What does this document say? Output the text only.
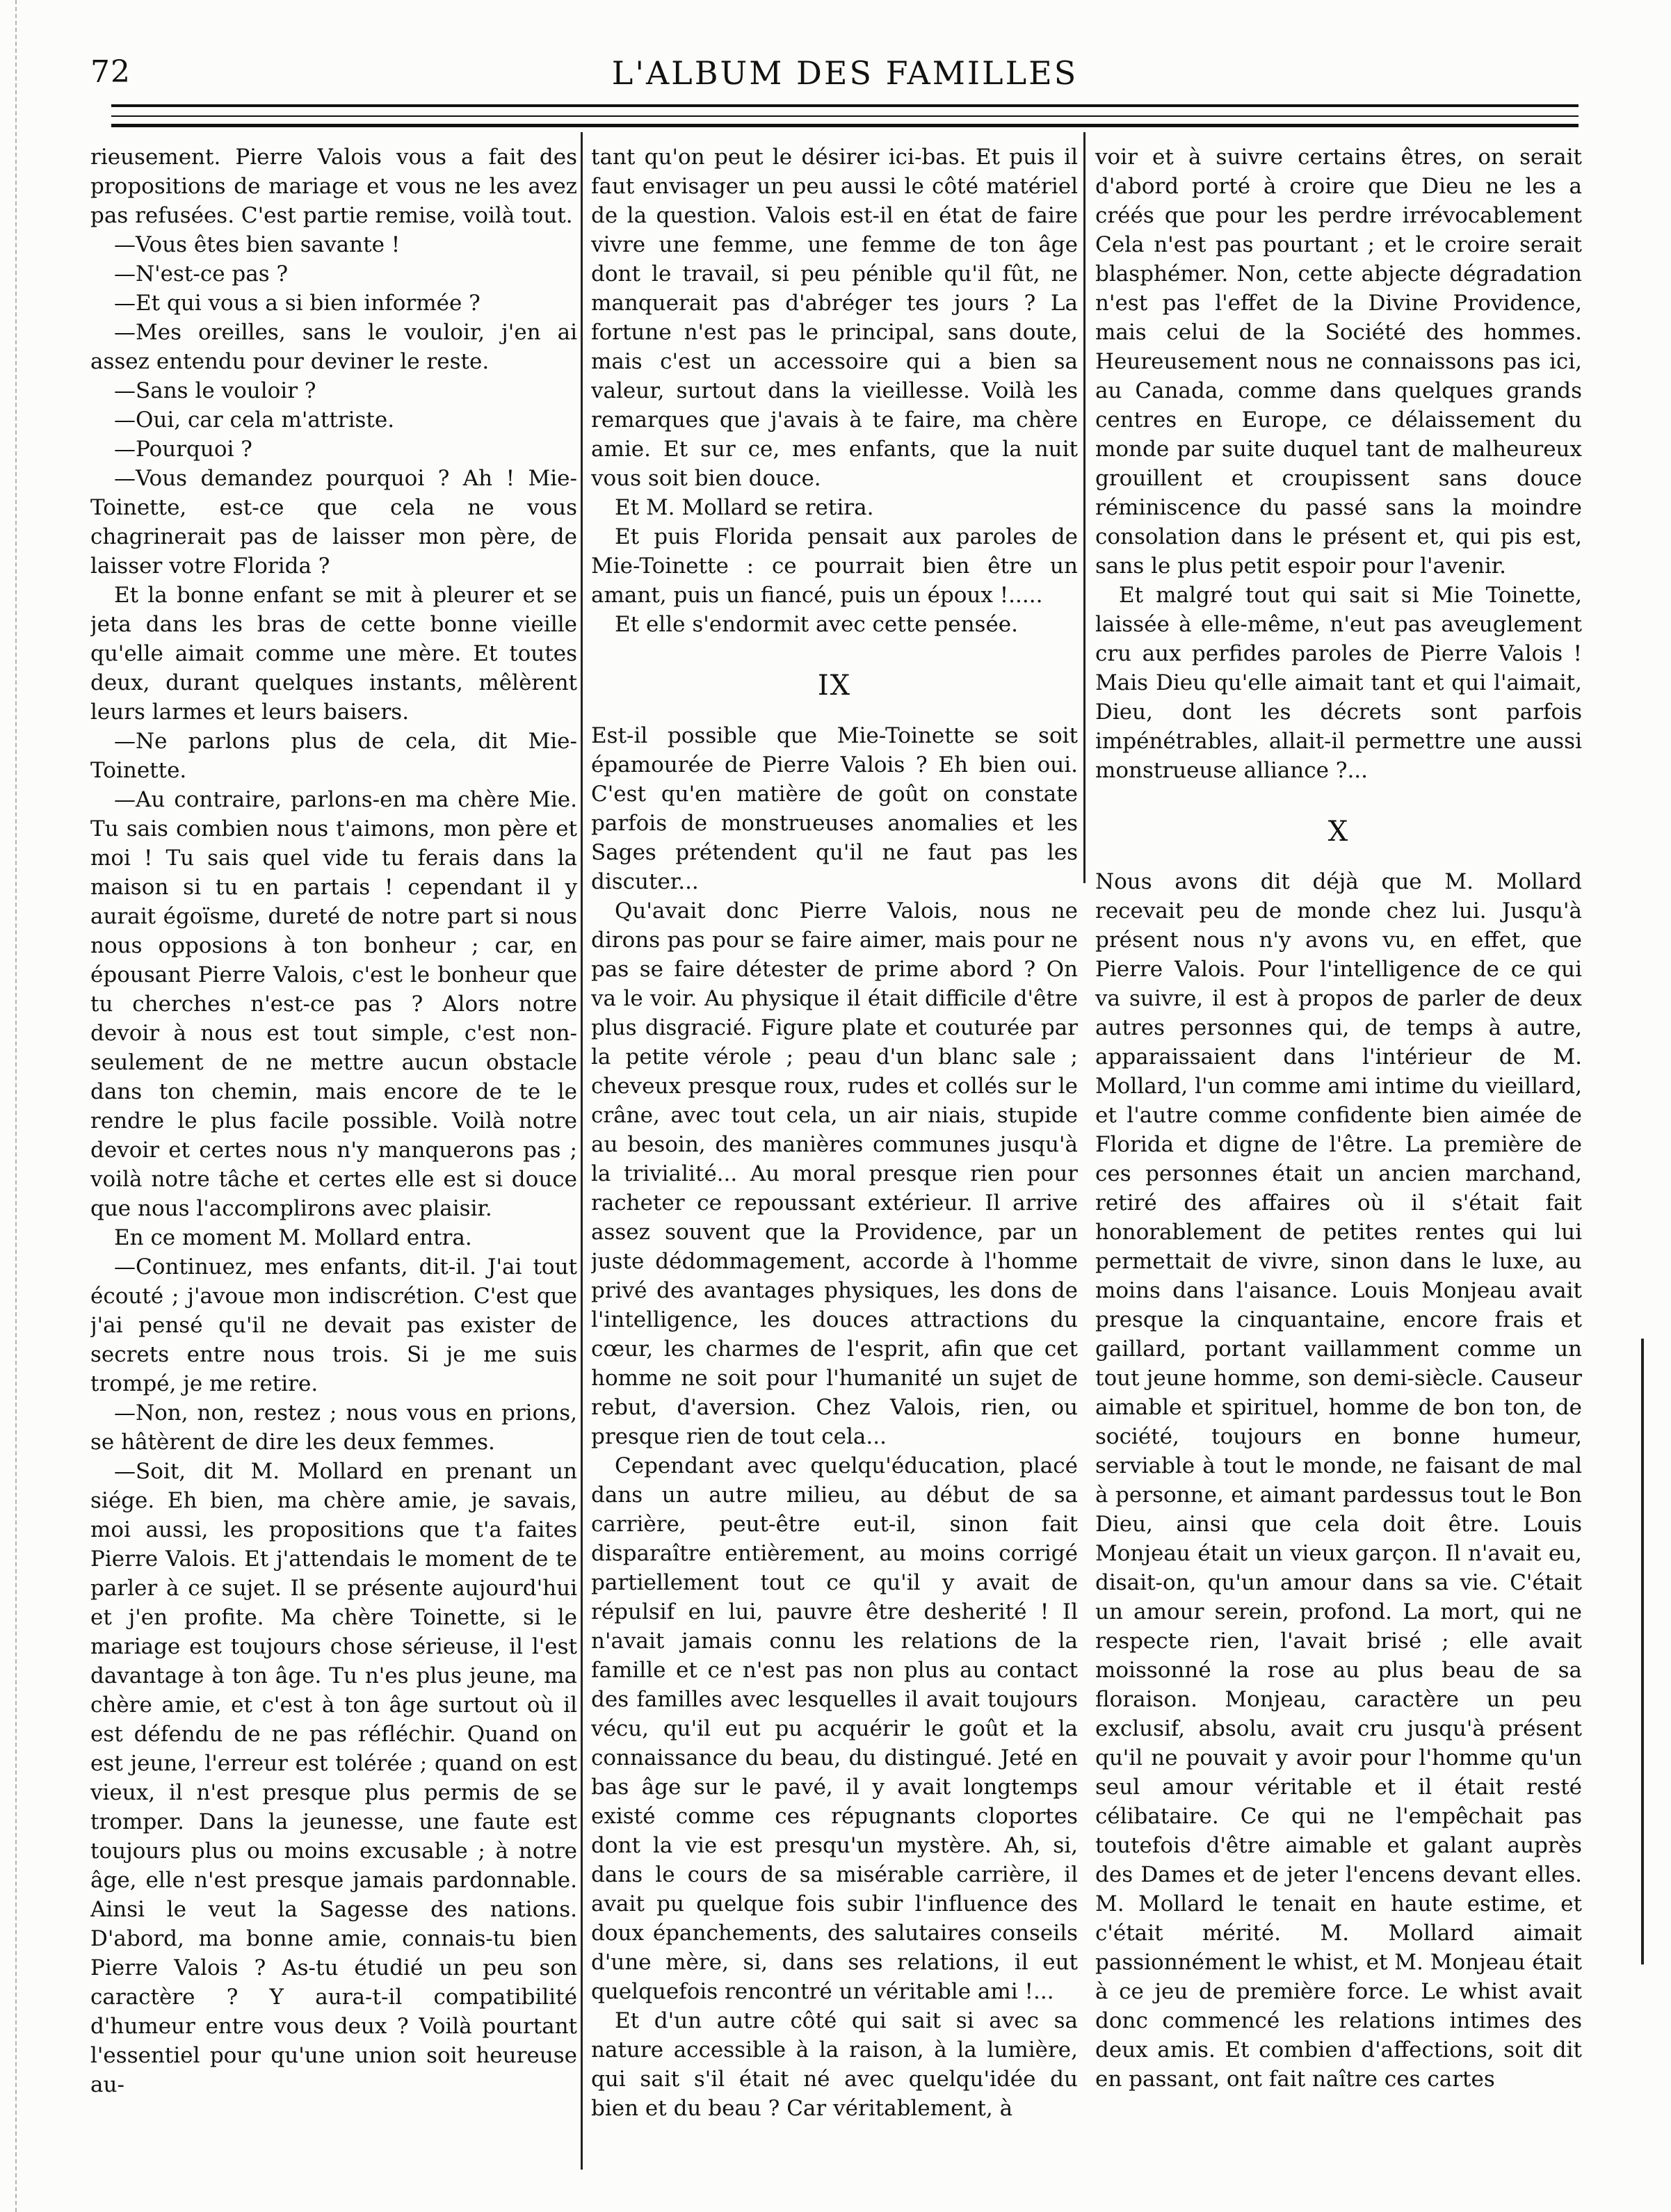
72	L'ALBUM DES FAMILLES

rieusement. Pierre Valois vous a fait des propositions de mariage et vous ne les avez pas refusées. C'est partie remise, voilà tout.

—Vous êtes bien savante !

—N'est-ce pas ?

—Et qui vous a si bien informée ?

—Mes oreilles, sans le vouloir, j'en ai assez entendu pour deviner le reste.

—Sans le vouloir ?

—Oui, car cela m'attriste.

—Pourquoi ?

—Vous demandez pourquoi ? Ah ! Mie-Toinette, est-ce que cela ne vous chagrinerait pas de laisser mon père, de laisser votre Florida ?

Et la bonne enfant se mit à pleurer et se jeta dans les bras de cette bonne vieille qu'elle aimait comme une mère. Et toutes deux, durant quelques instants, mêlèrent leurs larmes et leurs baisers.

—Ne parlons plus de cela, dit Mie-Toinette.

—Au contraire, parlons-en ma chère Mie. Tu sais combien nous t'aimons, mon père et moi ! Tu sais quel vide tu ferais dans la maison si tu en partais ! cependant il y aurait égoïsme, dureté de notre part si nous nous opposions à ton bonheur ; car, en épousant Pierre Valois, c'est le bonheur que tu cherches n'est-ce pas ? Alors notre devoir à nous est tout simple, c'est non-seulement de ne mettre aucun obstacle dans ton chemin, mais encore de te le rendre le plus facile possible. Voilà notre devoir et certes nous n'y manquerons pas ; voilà notre tâche et certes elle est si douce que nous l'accomplirons avec plaisir.

En ce moment M. Mollard entra.

—Continuez, mes enfants, dit-il. J'ai tout écouté ; j'avoue mon indiscrétion. C'est que j'ai pensé qu'il ne devait pas exister de secrets entre nous trois. Si je me suis trompé, je me retire.

—Non, non, restez ; nous vous en prions, se hâtèrent de dire les deux femmes.

—Soit, dit M. Mollard en prenant un siége. Eh bien, ma chère amie, je savais, moi aussi, les propositions que t'a faites Pierre Valois. Et j'attendais le moment de te parler à ce sujet. Il se présente aujourd'hui et j'en profite. Ma chère Toinette, si le mariage est toujours chose sérieuse, il l'est davantage à ton âge. Tu n'es plus jeune, ma chère amie, et c'est à ton âge surtout où il est défendu de ne pas réfléchir. Quand on est jeune, l'erreur est tolérée ; quand on est vieux, il n'est presque plus permis de se tromper. Dans la jeunesse, une faute est toujours plus ou moins excusable ; à notre âge, elle n'est presque jamais pardonnable. Ainsi le veut la Sagesse des nations. D'abord, ma bonne amie, connais-tu bien Pierre Valois ? As-tu étudié un peu son caractère ? Y aura-t-il compatibilité d'humeur entre vous deux ? Voilà pourtant l'essentiel pour qu'une union soit heureuse au-

tant qu'on peut le désirer ici-bas. Et puis il faut envisager un peu aussi le côté matériel de la question. Valois est-il en état de faire vivre une femme, une femme de ton âge dont le travail, si peu pénible qu'il fût, ne manquerait pas d'abréger tes jours ? La fortune n'est pas le principal, sans doute, mais c'est un accessoire qui a bien sa valeur, surtout dans la vieillesse. Voilà les remarques que j'avais à te faire, ma chère amie. Et sur ce, mes enfants, que la nuit vous soit bien douce.

Et M. Mollard se retira.

Et puis Florida pensait aux paroles de Mie-Toinette : ce pourrait bien être un amant, puis un fiancé, puis un époux !.....

Et elle s'endormit avec cette pensée.

IX

Est-il possible que Mie-Toinette se soit épamourée de Pierre Valois ? Eh bien oui. C'est qu'en matière de goût on constate parfois de monstrueuses anomalies et les Sages prétendent qu'il ne faut pas les discuter...

Qu'avait donc Pierre Valois, nous ne dirons pas pour se faire aimer, mais pour ne pas se faire détester de prime abord ? On va le voir. Au physique il était difficile d'être plus disgracié. Figure plate et couturée par la petite vérole ; peau d'un blanc sale ; cheveux presque roux, rudes et collés sur le crâne, avec tout cela, un air niais, stupide au besoin, des manières communes jusqu'à la trivialité... Au moral presque rien pour racheter ce repoussant extérieur. Il arrive assez souvent que la Providence, par un juste dédommagement, accorde à l'homme privé des avantages physiques, les dons de l'intelligence, les douces attractions du cœur, les charmes de l'esprit, afin que cet homme ne soit pour l'humanité un sujet de rebut, d'aversion. Chez Valois, rien, ou presque rien de tout cela...

Cependant avec quelqu'éducation, placé dans un autre milieu, au début de sa carrière, peut-être eut-il, sinon fait disparaître entièrement, au moins corrigé partiellement tout ce qu'il y avait de répulsif en lui, pauvre être desherité ! Il n'avait jamais connu les relations de la famille et ce n'est pas non plus au contact des familles avec lesquelles il avait toujours vécu, qu'il eut pu acquérir le goût et la connaissance du beau, du distingué. Jeté en bas âge sur le pavé, il y avait longtemps existé comme ces répugnants cloportes dont la vie est presqu'un mystère. Ah, si, dans le cours de sa misérable carrière, il avait pu quelque fois subir l'influence des doux épanchements, des salutaires conseils d'une mère, si, dans ses relations, il eut quelquefois rencontré un véritable ami !...

Et d'un autre côté qui sait si avec sa nature accessible à la raison, à la lumière, qui sait s'il était né avec quelqu'idée du bien et du beau ? Car véritablement, à

voir et à suivre certains êtres, on serait d'abord porté à croire que Dieu ne les a créés que pour les perdre irrévocablement Cela n'est pas pourtant ; et le croire serait blasphémer. Non, cette abjecte dégradation n'est pas l'effet de la Divine Providence, mais celui de la Société des hommes. Heureusement nous ne connaissons pas ici, au Canada, comme dans quelques grands centres en Europe, ce délaissement du monde par suite duquel tant de malheureux grouillent et croupissent sans douce réminiscence du passé sans la moindre consolation dans le présent et, qui pis est, sans le plus petit espoir pour l'avenir.

Et malgré tout qui sait si Mie Toinette, laissée à elle-même, n'eut pas aveuglement cru aux perfides paroles de Pierre Valois ! Mais Dieu qu'elle aimait tant et qui l'aimait, Dieu, dont les décrets sont parfois impénétrables, allait-il permettre une aussi monstrueuse alliance ?...

X

Nous avons dit déjà que M. Mollard recevait peu de monde chez lui. Jusqu'à présent nous n'y avons vu, en effet, que Pierre Valois. Pour l'intelligence de ce qui va suivre, il est à propos de parler de deux autres personnes qui, de temps à autre, apparaissaient dans l'intérieur de M. Mollard, l'un comme ami intime du vieillard, et l'autre comme confidente bien aimée de Florida et digne de l'être. La première de ces personnes était un ancien marchand, retiré des affaires où il s'était fait honorablement de petites rentes qui lui permettait de vivre, sinon dans le luxe, au moins dans l'aisance. Louis Monjeau avait presque la cinquantaine, encore frais et gaillard, portant vaillamment comme un tout jeune homme, son demi-siècle. Causeur aimable et spirituel, homme de bon ton, de société, toujours en bonne humeur, serviable à tout le monde, ne faisant de mal à personne, et aimant pardessus tout le Bon Dieu, ainsi que cela doit être. Louis Monjeau était un vieux garçon. Il n'avait eu, disait-on, qu'un amour dans sa vie. C'était un amour serein, profond. La mort, qui ne respecte rien, l'avait brisé ; elle avait moissonné la rose au plus beau de sa floraison. Monjeau, caractère un peu exclusif, absolu, avait cru jusqu'à présent qu'il ne pouvait y avoir pour l'homme qu'un seul amour véritable et il était resté célibataire. Ce qui ne l'empêchait pas toutefois d'être aimable et galant auprès des Dames et de jeter l'encens devant elles. M. Mollard le tenait en haute estime, et c'était mérité. M. Mollard aimait passionnément le whist, et M. Monjeau était à ce jeu de première force. Le whist avait donc commencé les relations intimes des deux amis. Et combien d'affections, soit dit en passant, ont fait naître ces cartes
